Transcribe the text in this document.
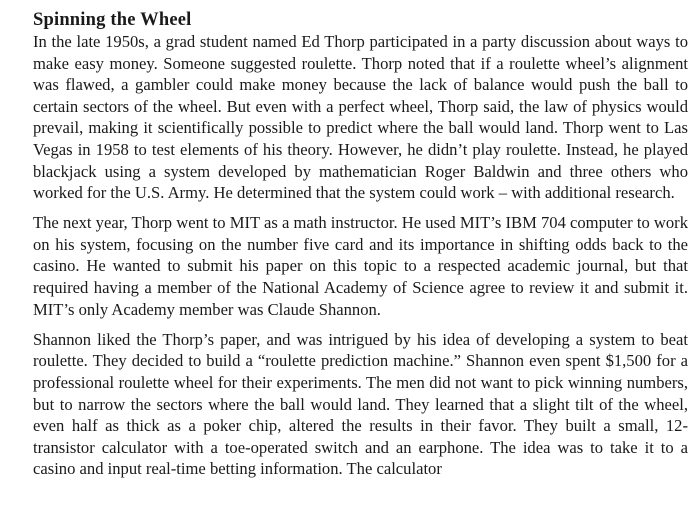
Spinning the Wheel

In the late 1950s, a grad student named Ed Thorp participated in a party discussion about ways to make easy money. Someone suggested roulette. Thorp noted that if a roulette wheel’s alignment was flawed, a gambler could make money because the lack of balance would push the ball to certain sectors of the wheel. But even with a perfect wheel, Thorp said, the law of physics would prevail, making it scientifically possible to predict where the ball would land. Thorp went to Las Vegas in 1958 to test elements of his theory. However, he didn’t play roulette. Instead, he played blackjack using a system developed by mathematician Roger Baldwin and three others who worked for the U.S. Army. He determined that the system could work – with additional research.

The next year, Thorp went to MIT as a math instructor. He used MIT’s IBM 704 computer to work on his system, focusing on the number five card and its importance in shifting odds back to the casino. He wanted to submit his paper on this topic to a respected academic journal, but that required having a member of the National Academy of Science agree to review it and submit it. MIT’s only Academy member was Claude Shannon.

Shannon liked the Thorp’s paper, and was intrigued by his idea of developing a system to beat roulette. They decided to build a “roulette prediction machine.” Shannon even spent $1,500 for a professional roulette wheel for their experiments. The men did not want to pick winning numbers, but to narrow the sectors where the ball would land. They learned that a slight tilt of the wheel, even half as thick as a poker chip, altered the results in their favor. They built a small, 12-transistor calculator with a toe-operated switch and an earphone. The idea was to take it to a casino and input real-time betting information. The calculator
